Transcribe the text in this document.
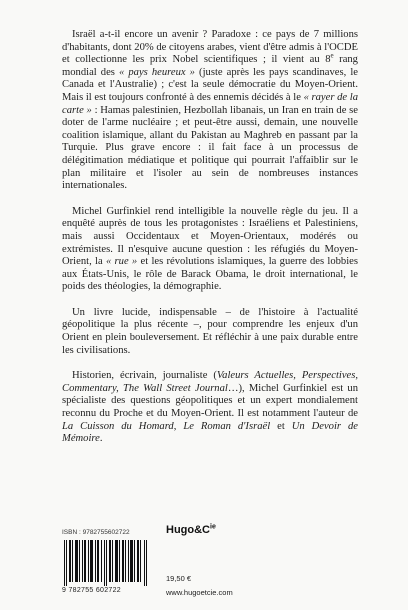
Israël a-t-il encore un avenir ? Paradoxe : ce pays de 7 millions d'habitants, dont 20% de citoyens arabes, vient d'être admis à l'OCDE et collectionne les prix Nobel scientifiques ; il vient au 8e rang mondial des « pays heureux » (juste après les pays scandinaves, le Canada et l'Australie) ; c'est la seule démocratie du Moyen-Orient. Mais il est toujours confronté à des ennemis décidés à le « rayer de la carte » : Hamas palestinien, Hezbollah libanais, un Iran en train de se doter de l'arme nucléaire ; et peut-être aussi, demain, une nouvelle coalition islamique, allant du Pakistan au Maghreb en passant par la Turquie. Plus grave encore : il fait face à un processus de délégitimation médiatique et politique qui pourrait l'affaiblir sur le plan militaire et l'isoler au sein de nombreuses instances internationales.

Michel Gurfinkiel rend intelligible la nouvelle règle du jeu. Il a enquêté auprès de tous les protagonistes : Israéliens et Palestiniens, mais aussi Occidentaux et Moyen-Orientaux, modérés ou extrémistes. Il n'esquive aucune question : les réfugiés du Moyen-Orient, la « rue » et les révolutions islamiques, la guerre des lobbies aux États-Unis, le rôle de Barack Obama, le droit international, le poids des théologies, la démographie.

Un livre lucide, indispensable – de l'histoire à l'actualité géopolitique la plus récente –, pour comprendre les enjeux d'un Orient en plein bouleversement. Et réfléchir à une paix durable entre les civilisations.

Historien, écrivain, journaliste (Valeurs Actuelles, Perspectives, Commentary, The Wall Street Journal…), Michel Gurfinkiel est un spécialiste des questions géopolitiques et un expert mondialement reconnu du Proche et du Moyen-Orient. Il est notamment l'auteur de La Cuisson du Homard, Le Roman d'Israël et Un Devoir de Mémoire.

ISBN : 9782755602722
9 782755 602722
$Hugo\&C^{ie}$
19,50 €
www.hugoetcie.com
